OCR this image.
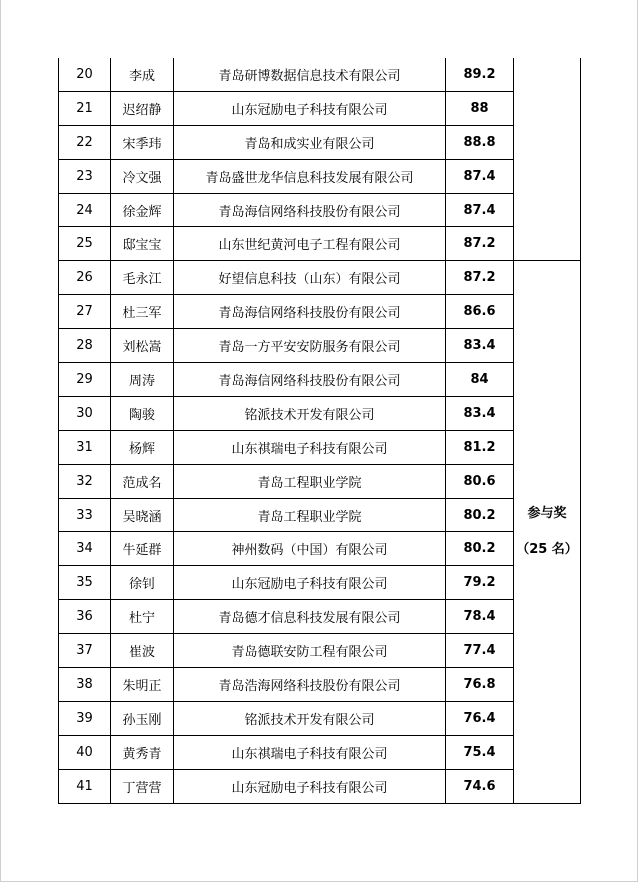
20	李成	青岛研博数据信息技术有限公司	89.2	
21	迟绍静	山东冠励电子科技有限公司	88	
22	宋季玮	青岛和成实业有限公司	88.8	
23	冷文强	青岛盛世龙华信息科技发展有限公司	87.4	
24	徐金辉	青岛海信网络科技股份有限公司	87.4	
25	邸宝宝	山东世纪黄河电子工程有限公司	87.2	
26	毛永江	好望信息科技（山东）有限公司	87.2	参与奖
（25 名）

27	杜三军	青岛海信网络科技股份有限公司	86.6	
28	刘松嵩	青岛一方平安安防服务有限公司	83.4	
29	周涛	青岛海信网络科技股份有限公司	84	
30	陶骏	铭派技术开发有限公司	83.4	
31	杨辉	山东祺瑞电子科技有限公司	81.2	
32	范成名	青岛工程职业学院	80.6	
33	吴晓涵	青岛工程职业学院	80.2	
34	牛延群	神州数码（中国）有限公司	80.2	
35	徐钊	山东冠励电子科技有限公司	79.2	
36	杜宁	青岛德才信息科技发展有限公司	78.4	
37	崔波	青岛德联安防工程有限公司	77.4	
38	朱明正	青岛浩海网络科技股份有限公司	76.8	
39	孙玉刚	铭派技术开发有限公司	76.4	
40	黄秀青	山东祺瑞电子科技有限公司	75.4	
41	丁营营	山东冠励电子科技有限公司	74.6	
